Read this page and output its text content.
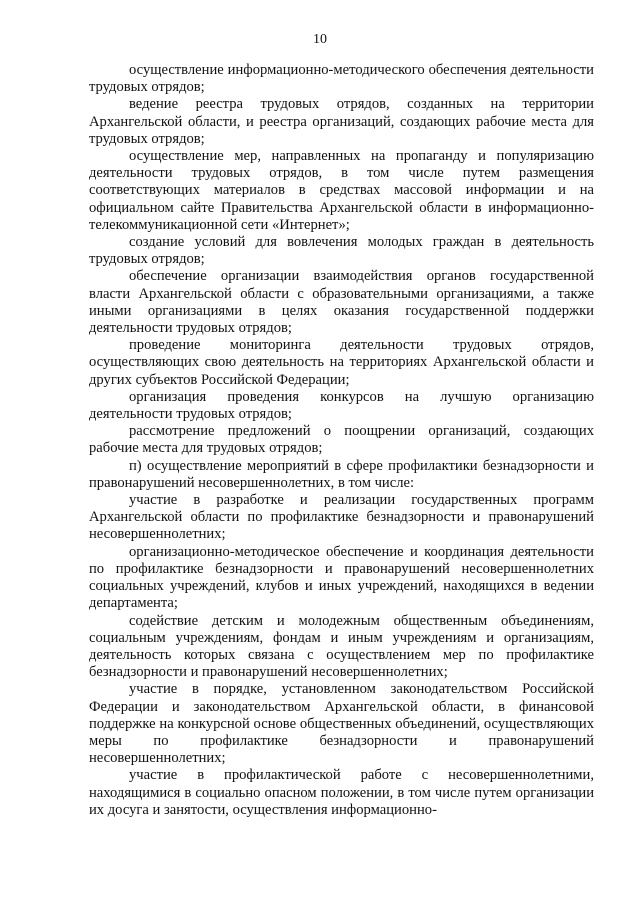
10

осуществление информационно-методического обеспечения деятельности трудовых отрядов;

ведение реестра трудовых отрядов, созданных на территории Архангельской области, и реестра организаций, создающих рабочие места для трудовых отрядов;

осуществление мер, направленных на пропаганду и популяризацию деятельности трудовых отрядов, в том числе путем размещения соответствующих материалов в средствах массовой информации и на официальном сайте Правительства Архангельской области в информационно-телекоммуникационной сети «Интернет»;

создание условий для вовлечения молодых граждан в деятельность трудовых отрядов;

обеспечение организации взаимодействия органов государственной власти Архангельской области с образовательными организациями, а также иными организациями в целях оказания государственной поддержки деятельности трудовых отрядов;

проведение мониторинга деятельности трудовых отрядов, осуществляющих свою деятельность на территориях Архангельской области и других субъектов Российской Федерации;

организация проведения конкурсов на лучшую организацию деятельности трудовых отрядов;

рассмотрение предложений о поощрении организаций, создающих рабочие места для трудовых отрядов;

п) осуществление мероприятий в сфере профилактики безнадзорности и правонарушений несовершеннолетних, в том числе:

участие в разработке и реализации государственных программ Архангельской области по профилактике безнадзорности и правонарушений несовершеннолетних;

организационно-методическое обеспечение и координация деятельности по профилактике безнадзорности и правонарушений несовершеннолетних социальных учреждений, клубов и иных учреждений, находящихся в ведении департамента;

содействие детским и молодежным общественным объединениям, социальным учреждениям, фондам и иным учреждениям и организациям, деятельность которых связана с осуществлением мер по профилактике безнадзорности и правонарушений несовершеннолетних;

участие в порядке, установленном законодательством Российской Федерации и законодательством Архангельской области, в финансовой поддержке на конкурсной основе общественных объединений, осуществляющих меры по профилактике безнадзорности и правонарушений несовершеннолетних;

участие в профилактической работе с несовершеннолетними, находящимися в социально опасном положении, в том числе путем организации их досуга и занятости, осуществления информационно-
